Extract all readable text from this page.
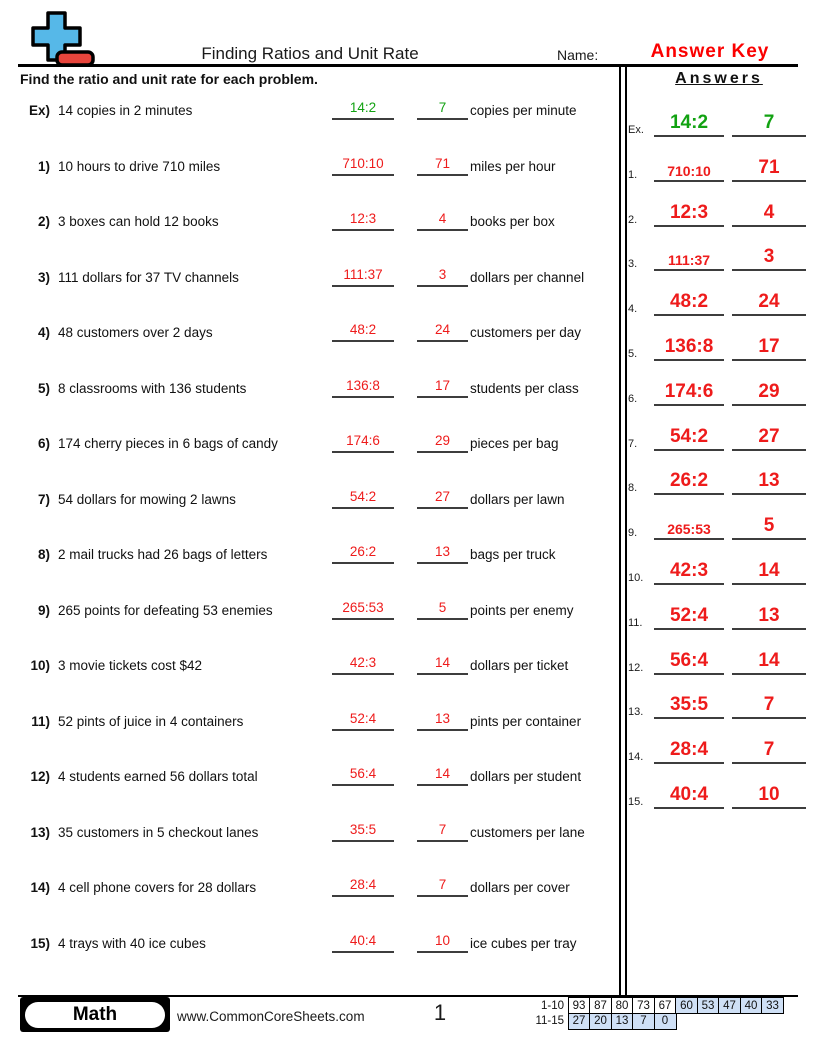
Finding Ratios and Unit Rate	Name:	Answer Key
Find the ratio and unit rate for each problem.
Ex) 14 copies in 2 minutes	14:2	7	copies per minute
1) 10 hours to drive 710 miles	710:10	71	miles per hour
2) 3 boxes can hold 12 books	12:3	4	books per box
3) 111 dollars for 37 TV channels	111:37	3	dollars per channel
4) 48 customers over 2 days	48:2	24	customers per day
5) 8 classrooms with 136 students	136:8	17	students per class
6) 174 cherry pieces in 6 bags of candy	174:6	29	pieces per bag
7) 54 dollars for mowing 2 lawns	54:2	27	dollars per lawn
8) 2 mail trucks had 26 bags of letters	26:2	13	bags per truck
9) 265 points for defeating 53 enemies	265:53	5	points per enemy
10) 3 movie tickets cost $42	42:3	14	dollars per ticket
11) 52 pints of juice in 4 containers	52:4	13	pints per container
12) 4 students earned 56 dollars total	56:4	14	dollars per student
13) 35 customers in 5 checkout lanes	35:5	7	customers per lane
14) 4 cell phone covers for 28 dollars	28:4	7	dollars per cover
15) 4 trays with 40 ice cubes	40:4	10	ice cubes per tray
Answers
Ex.	14:2	7
1.	710:10	71
2.	12:3	4
3.	111:37	3
4.	48:2	24
5.	136:8	17
6.	174:6	29
7.	54:2	27
8.	26:2	13
9.	265:53	5
10.	42:3	14
11.	52:4	13
12.	56:4	14
13.	35:5	7
14.	28:4	7
15.	40:4	10
Math	www.CommonCoreSheets.com	1	1-10 93 87 80 73 67 60 53 47 40 33
11-15 27 20 13	7	0
